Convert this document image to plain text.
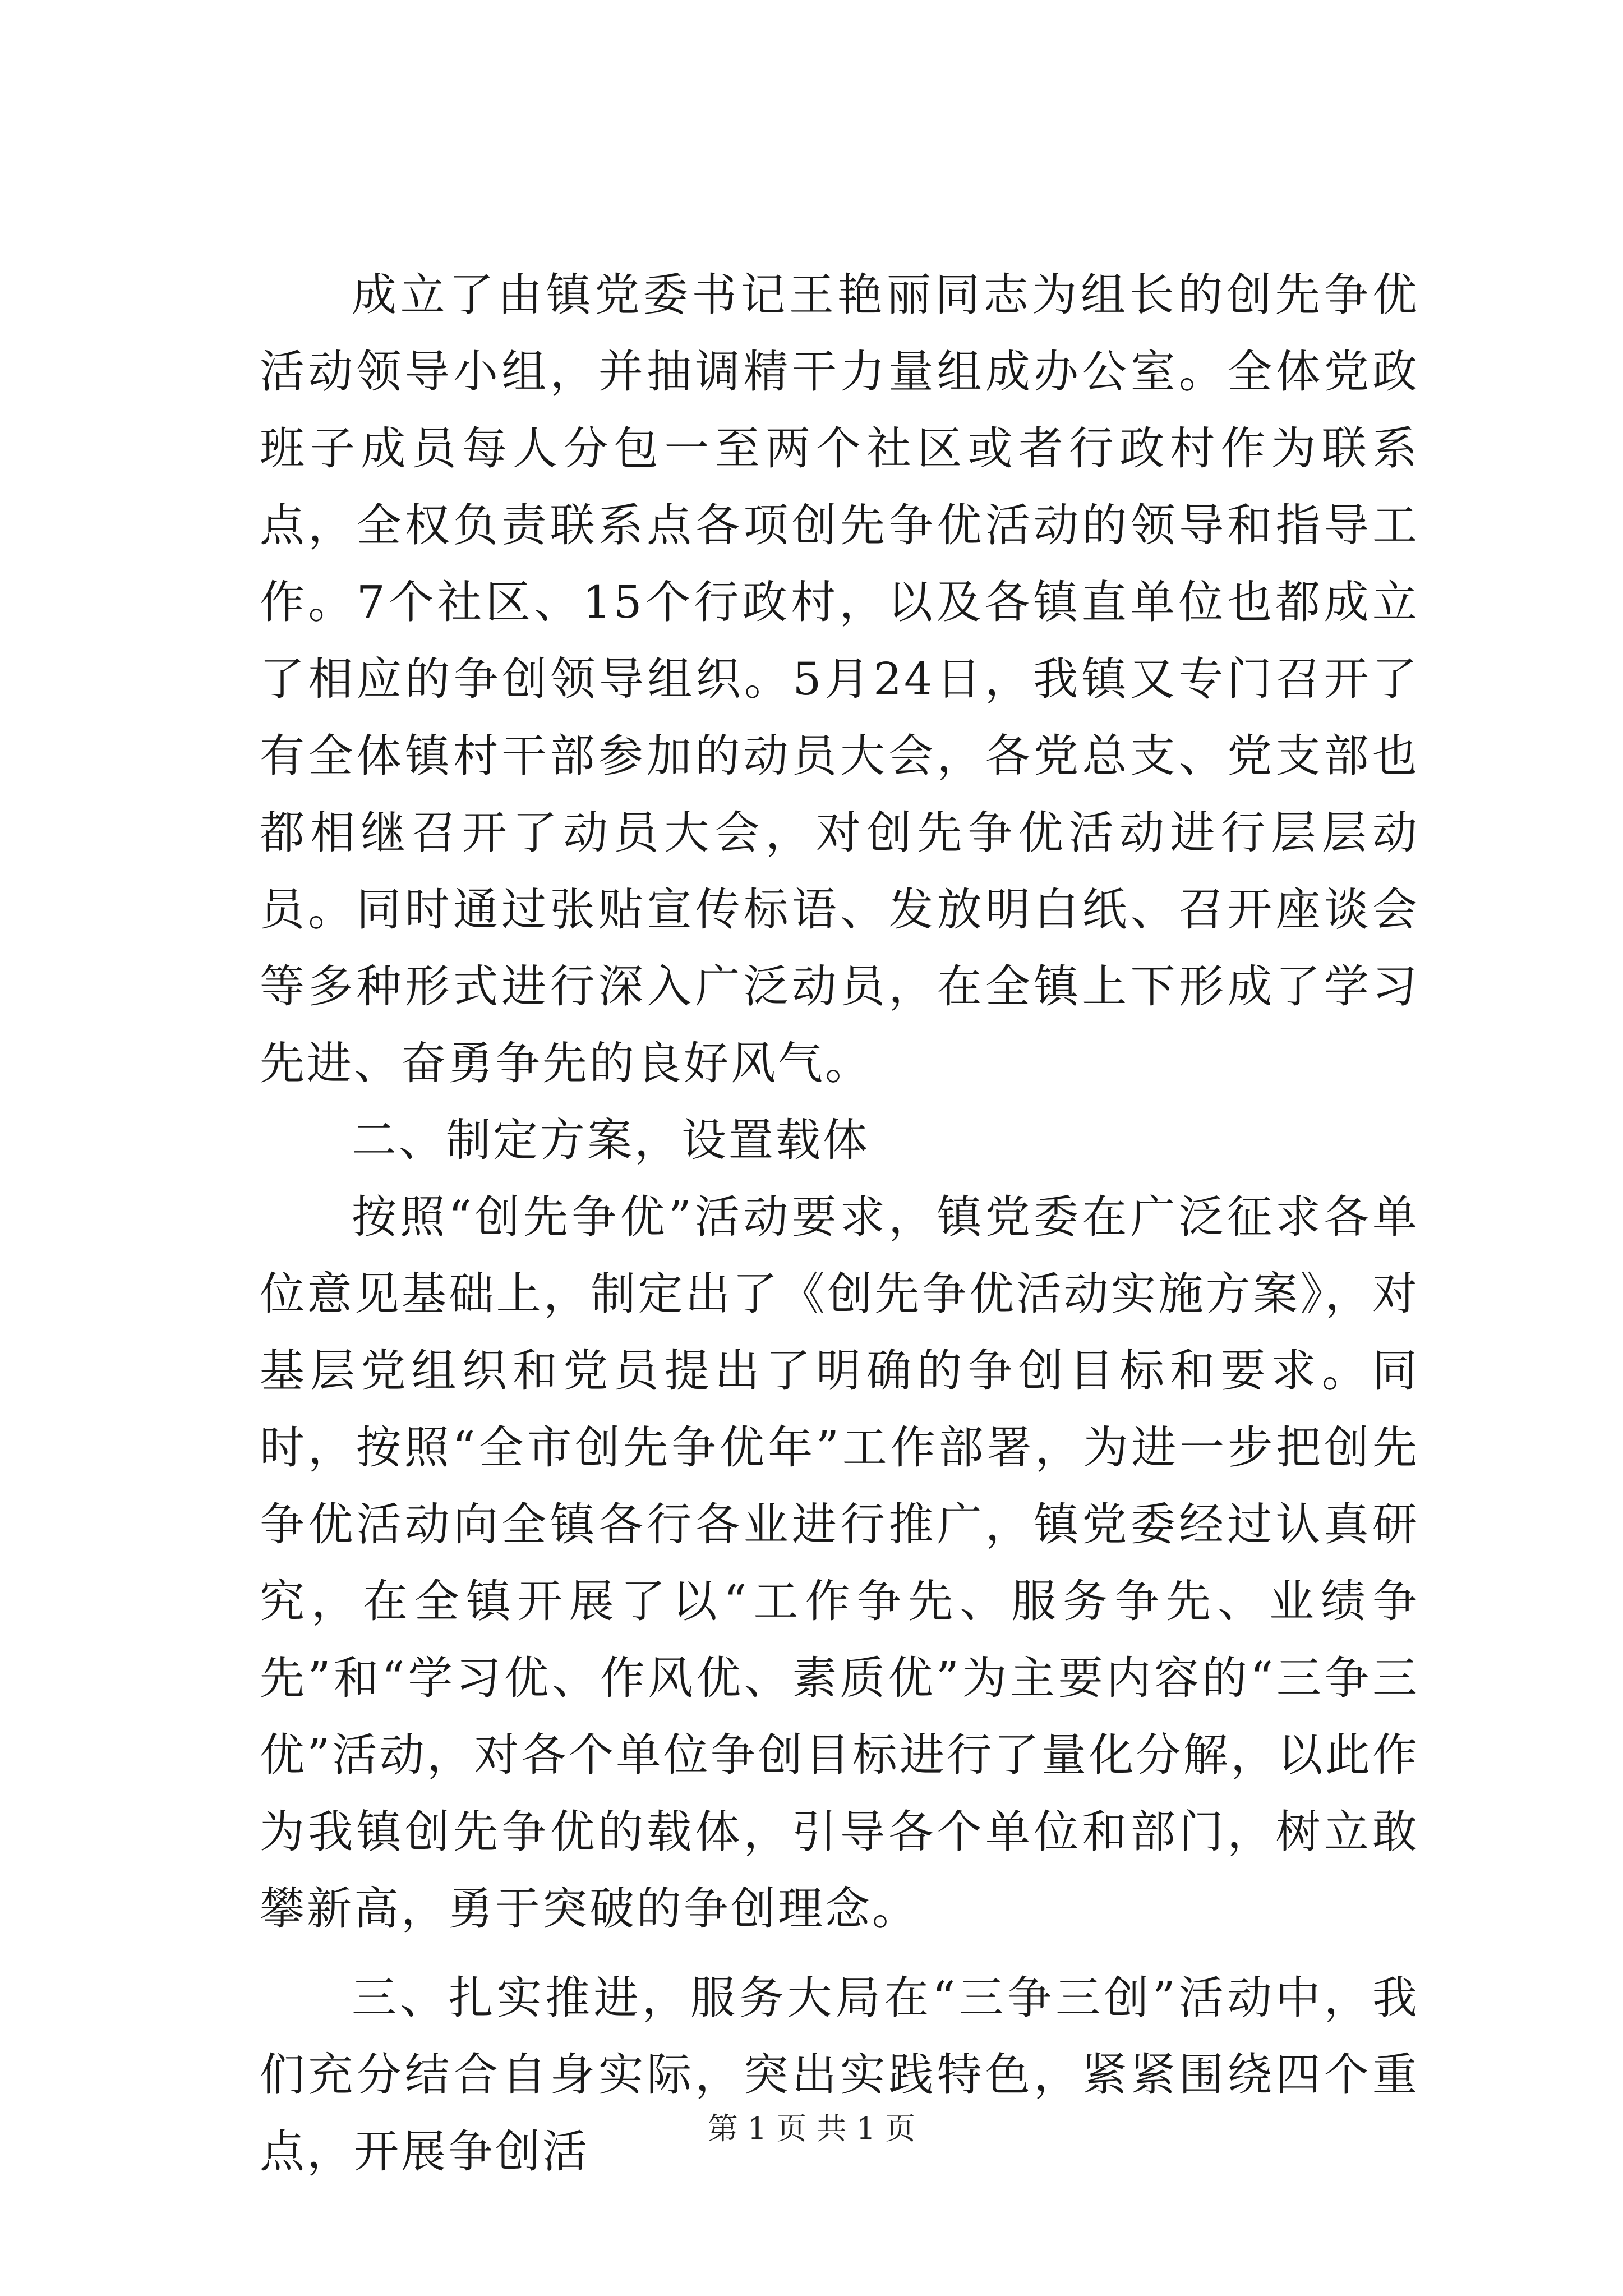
成立了由镇党委书记王艳丽同志为组长的创先争优活动领导小组，并抽调精干力量组成办公室。全体党政班子成员每人分包一至两个社区或者行政村作为联系点，全权负责联系点各项创先争优活动的领导和指导工作。7个社区、15个行政村，以及各镇直单位也都成立了相应的争创领导组织。5月24日，我镇又专门召开了有全体镇村干部参加的动员大会，各党总支、党支部也都相继召开了动员大会，对创先争优活动进行层层动员。同时通过张贴宣传标语、发放明白纸、召开座谈会等多种形式进行深入广泛动员，在全镇上下形成了学习先进、奋勇争先的良好风气。

二、制定方案，设置载体

按照“创先争优”活动要求，镇党委在广泛征求各单位意见基础上，制定出了《创先争优活动实施方案》，对基层党组织和党员提出了明确的争创目标和要求。同时，按照“全市创先争优年”工作部署，为进一步把创先争优活动向全镇各行各业进行推广，镇党委经过认真研究，在全镇开展了以“工作争先、服务争先、业绩争先”和“学习优、作风优、素质优”为主要内容的“三争三优”活动，对各个单位争创目标进行了量化分解，以此作为我镇创先争优的载体，引导各个单位和部门，树立敢攀新高，勇于突破的争创理念。

三、扎实推进，服务大局在“三争三创”活动中，我们充分结合自身实际，突出实践特色，紧紧围绕四个重点，开展争创活	第 1 页 共 1 页
